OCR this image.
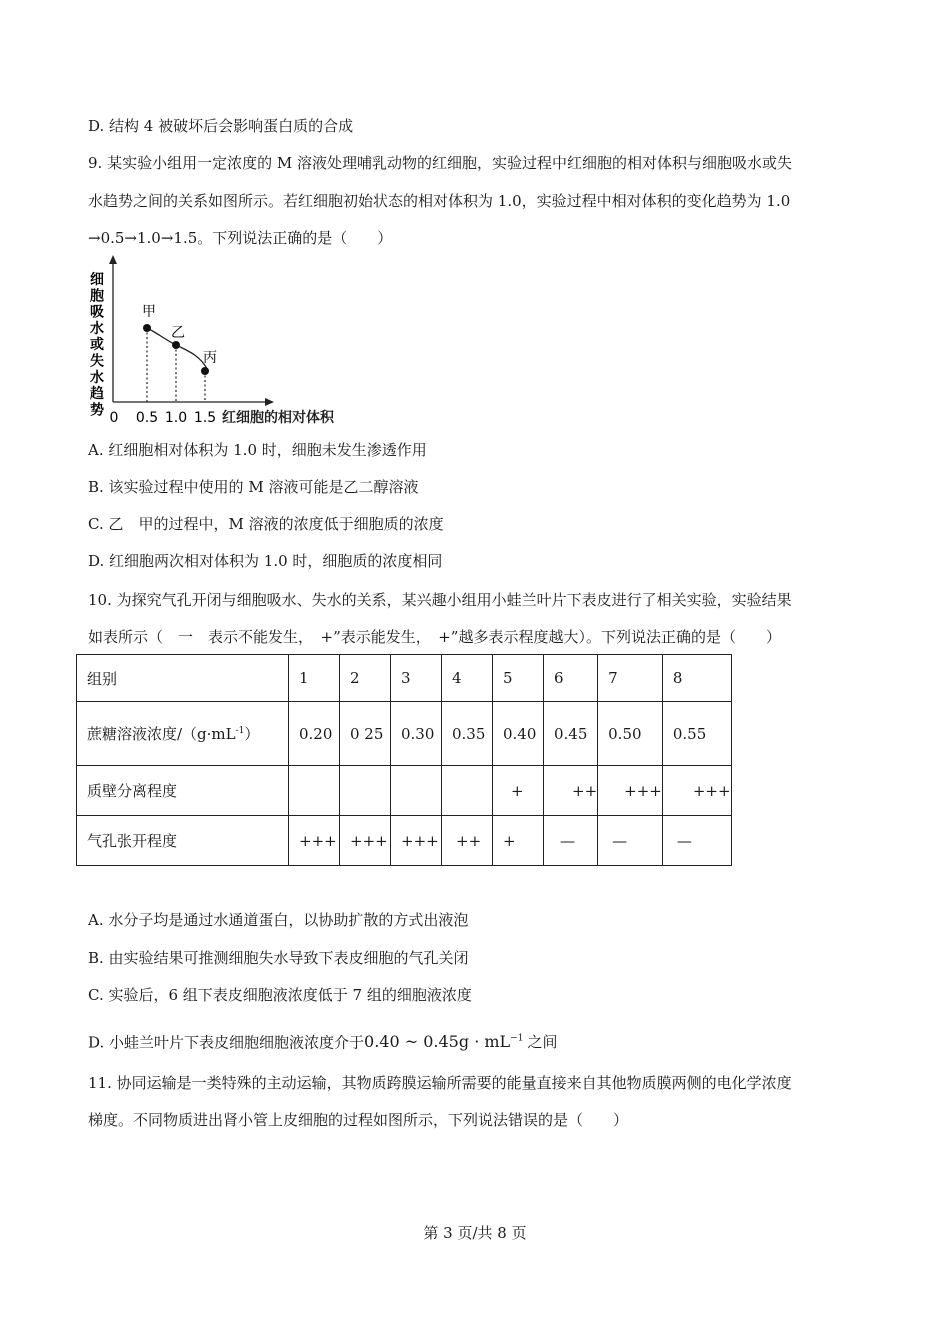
D. 结构 4 被破坏后会影响蛋白质的合成
9. 某实验小组用一定浓度的 M 溶液处理哺乳动物的红细胞，实验过程中红细胞的相对体积与细胞吸水或失
水趋势之间的关系如图所示。若红细胞初始状态的相对体积为 1.0，实验过程中相对体积的变化趋势为 1.0
→0.5→1.0→1.5。下列说法正确的是（　　）
细
胞
吸
水
或
失
水
趋
势 0 0.5 1.0 1.5
甲
乙
丙
红细胞的相对体积
A. 红细胞相对体积为 1.0 时，细胞未发生渗透作用
B. 该实验过程中使用的 M 溶液可能是乙二醇溶液
C. 乙　甲的过程中，M 溶液的浓度低于细胞质的浓度
D. 红细胞两次相对体积为 1.0 时，细胞质的浓度相同
10. 为探究气孔开闭与细胞吸水、失水的关系，某兴趣小组用小蛙兰叶片下表皮进行了相关实验，实验结果
如表所示（　一　表示不能发生，　+”表示能发生，　+”越多表示程度越大）。下列说法正确的是（　　）
组别	1	2	3	4	5	6	7	8
蔗糖溶液浓度$/(g\cdot mL^{-1})$	0.20	0 25	0.30	0.35	0.40	0.45	0.50	0.55
质壁分离程度					+	++	+++	+++
气孔张开程度	+++	+++	+++	++	+	—	—	—
A. 水分子均是通过水通道蛋白，以协助扩散的方式出液泡
B. 由实验结果可推测细胞失水导致下表皮细胞的气孔关闭
C. 实验后，6 组下表皮细胞液浓度低于 7 组的细胞液浓度
D. 小蛙兰叶片下表皮细胞细胞液浓度介于0.40 ~ $0.45g \cdot mL^{-1}$ 之间
11. 协同运输是一类特殊的主动运输，其物质跨膜运输所需要的能量直接来自其他物质膜两侧的电化学浓度
梯度。不同物质进出肾小管上皮细胞的过程如图所示，下列说法错误的是（　　）
第 3 页/共 8 页
